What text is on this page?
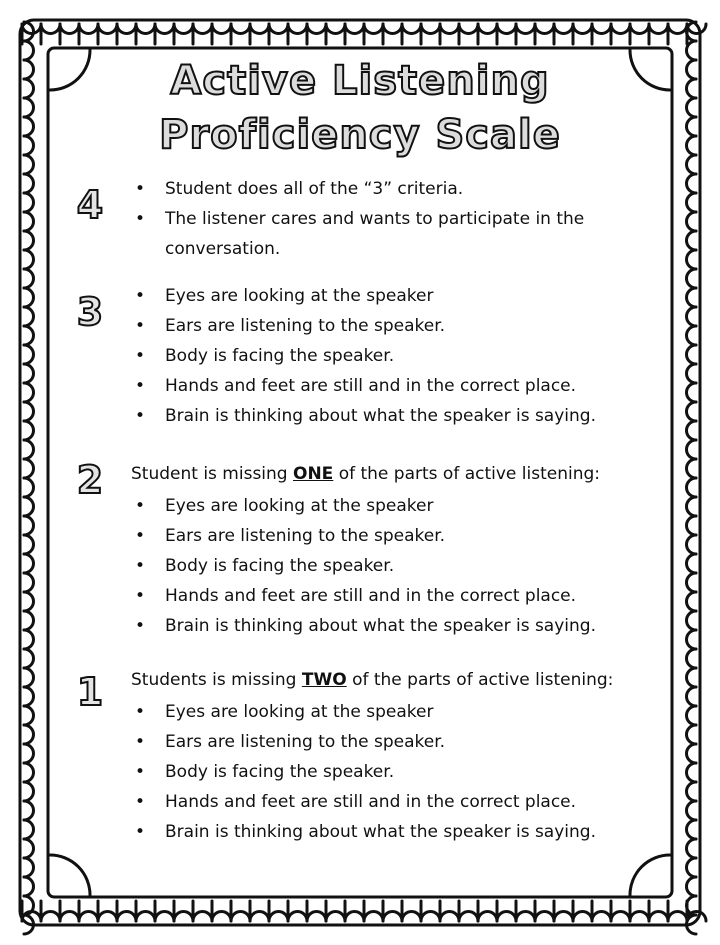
Active Listening
Proficiency Scale
4	• Student does all of the “3” criteria.
• The listener cares and wants to participate in the
conversation.
3	• Eyes are looking at the speaker
• Ears are listening to the speaker.
• Body is facing the speaker.
• Hands and feet are still and in the correct place.
• Brain is thinking about what the speaker is saying.
2	Student is missing ONE of the parts of active listening:
• Eyes are looking at the speaker
• Ears are listening to the speaker.
• Body is facing the speaker.
• Hands and feet are still and in the correct place.
• Brain is thinking about what the speaker is saying.
1	Students is missing TWO of the parts of active listening:
• Eyes are looking at the speaker
• Ears are listening to the speaker.
• Body is facing the speaker.
• Hands and feet are still and in the correct place.
• Brain is thinking about what the speaker is saying.
